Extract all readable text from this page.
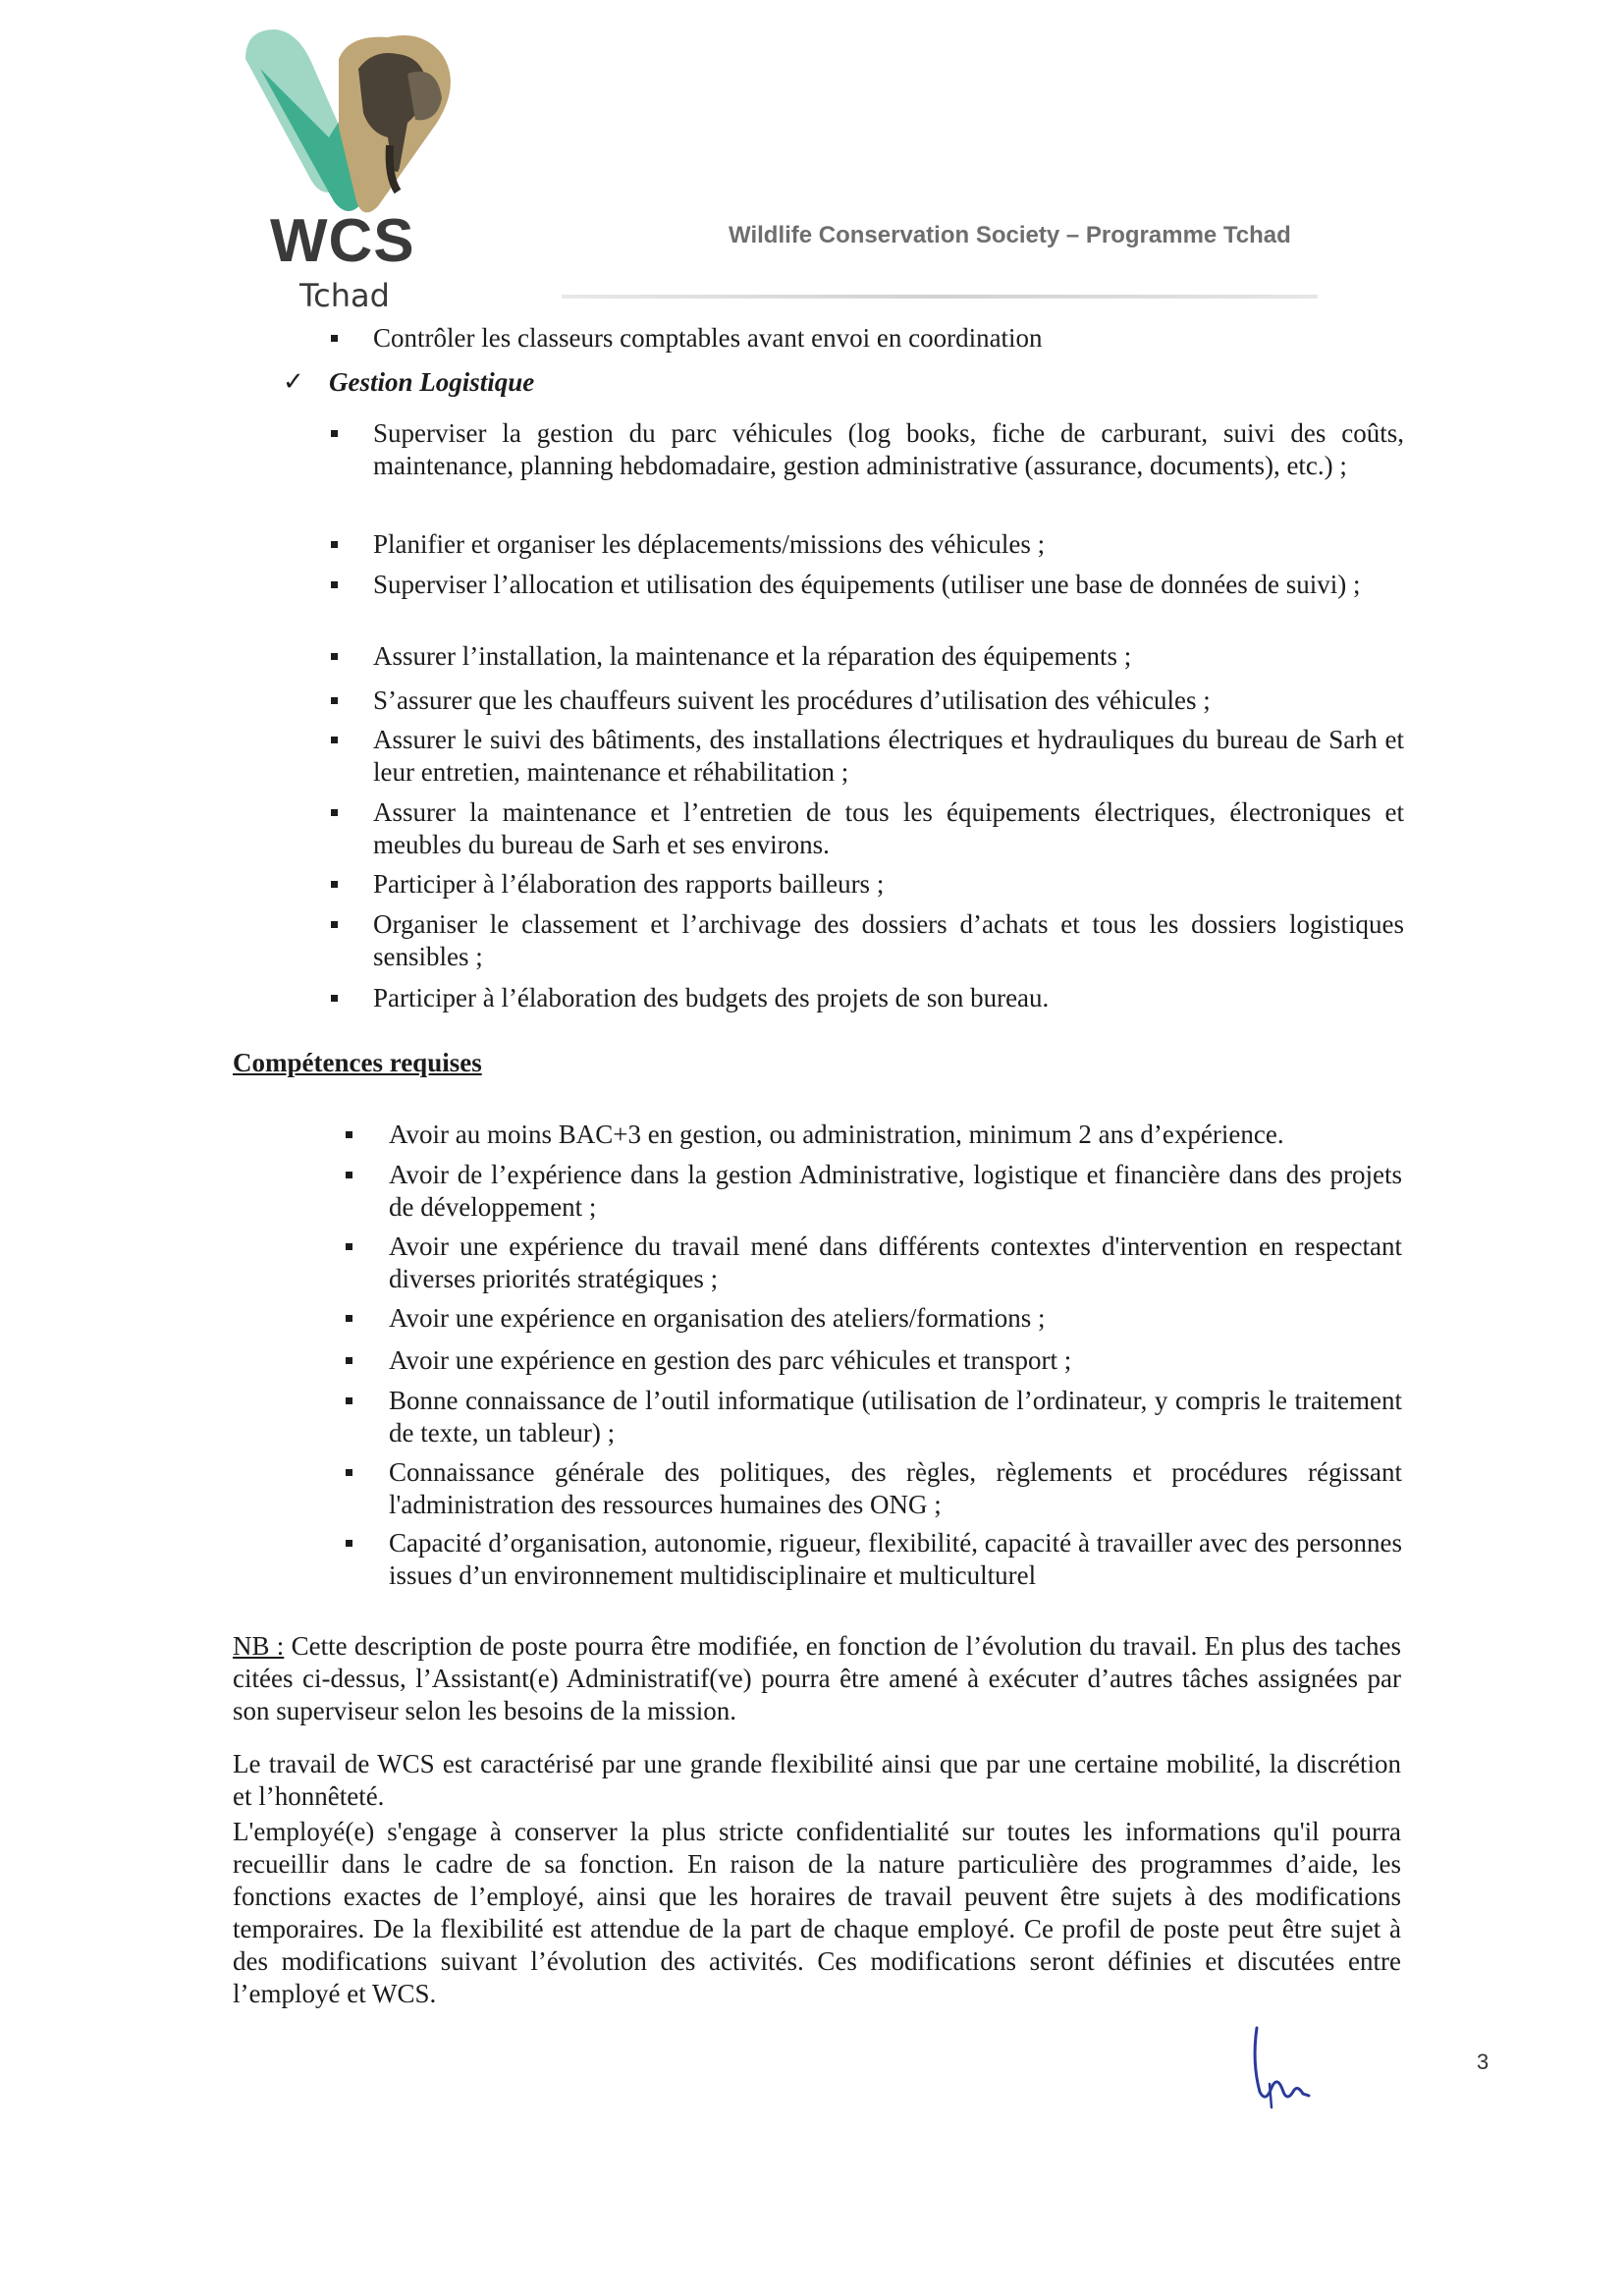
WCS
Tchad
Wildlife Conservation Society – Programme Tchad
Contrôler les classeurs comptables avant envoi en coordination
✓ Gestion Logistique
Superviser la gestion du parc véhicules (log books, fiche de carburant, suivi des coûts, maintenance, planning hebdomadaire, gestion administrative (assurance, documents), etc.) ;
Planifier et organiser les déplacements/missions des véhicules ;
Superviser l’allocation et utilisation des équipements (utiliser une base de données de suivi) ;
Assurer l’installation, la maintenance et la réparation des équipements ;
S’assurer que les chauffeurs suivent les procédures d’utilisation des véhicules ;
Assurer le suivi des bâtiments, des installations électriques et hydrauliques du bureau de Sarh et leur entretien, maintenance et réhabilitation ;
Assurer la maintenance et l’entretien de tous les équipements électriques, électroniques et meubles du bureau de Sarh et ses environs.
Participer à l’élaboration des rapports bailleurs ;
Organiser le classement et l’archivage des dossiers d’achats et tous les dossiers logistiques sensibles ;
Participer à l’élaboration des budgets des projets de son bureau.
Compétences requises
Avoir au moins BAC+3 en gestion, ou administration, minimum 2 ans d’expérience.
Avoir de l’expérience dans la gestion Administrative, logistique et financière dans des projets de développement ;
Avoir une expérience du travail mené dans différents contextes d'intervention en respectant diverses priorités stratégiques ;
Avoir une expérience en organisation des ateliers/formations ;
Avoir une expérience en gestion des parc véhicules et transport ;
Bonne connaissance de l’outil informatique (utilisation de l’ordinateur, y compris le traitement de texte, un tableur) ;
Connaissance générale des politiques, des règles, règlements et procédures régissant l'administration des ressources humaines des ONG ;
Capacité d’organisation, autonomie, rigueur, flexibilité, capacité à travailler avec des personnes issues d’un environnement multidisciplinaire et multiculturel
NB : Cette description de poste pourra être modifiée, en fonction de l’évolution du travail. En plus des taches citées ci-dessus, l’Assistant(e) Administratif(ve) pourra être amené à exécuter d’autres tâches assignées par son superviseur selon les besoins de la mission.
Le travail de WCS est caractérisé par une grande flexibilité ainsi que par une certaine mobilité, la discrétion et l’honnêteté.
L'employé(e) s'engage à conserver la plus stricte confidentialité sur toutes les informations qu'il pourra recueillir dans le cadre de sa fonction. En raison de la nature particulière des programmes d’aide, les fonctions exactes de l’employé, ainsi que les horaires de travail peuvent être sujets à des modifications temporaires. De la flexibilité est attendue de la part de chaque employé. Ce profil de poste peut être sujet à des modifications suivant l’évolution des activités. Ces modifications seront définies et discutées entre l’employé et WCS.
3
